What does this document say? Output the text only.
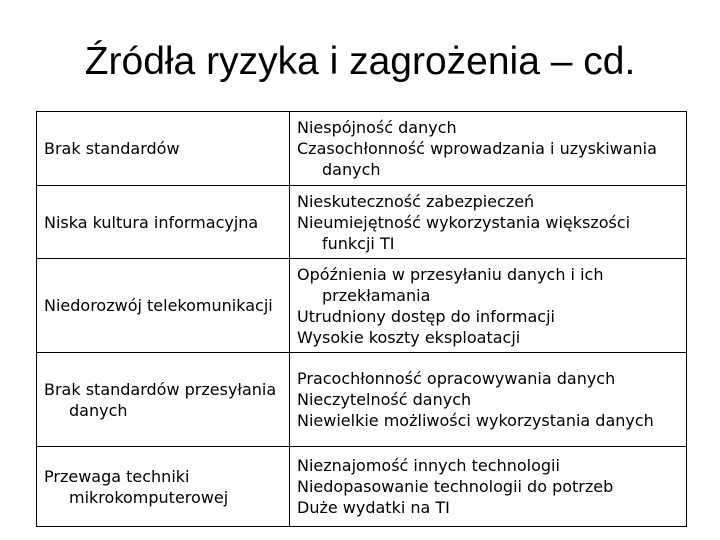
Źródła ryzyka i zagrożenia – cd.
Brak standardów	Niespójność danych
Czasochłonność wprowadzania i uzyskiwania danych

Niska kultura informacyjna	Nieskuteczność zabezpieczeń
Nieumiejętność wykorzystania większości funkcji TI

Niedorozwój telekomunikacji	Opóźnienia w przesyłaniu danych i ich przekłamania
Utrudniony dostęp do informacji
Wysokie koszty eksploatacji

Brak standardów przesyłania danych	Pracochłonność opracowywania danych
Nieczytelność danych
Niewielkie możliwości wykorzystania danych

Przewaga techniki mikrokomputerowej	Nieznajomość innych technologii
Niedopasowanie technologii do potrzeb
Duże wydatki na TI
